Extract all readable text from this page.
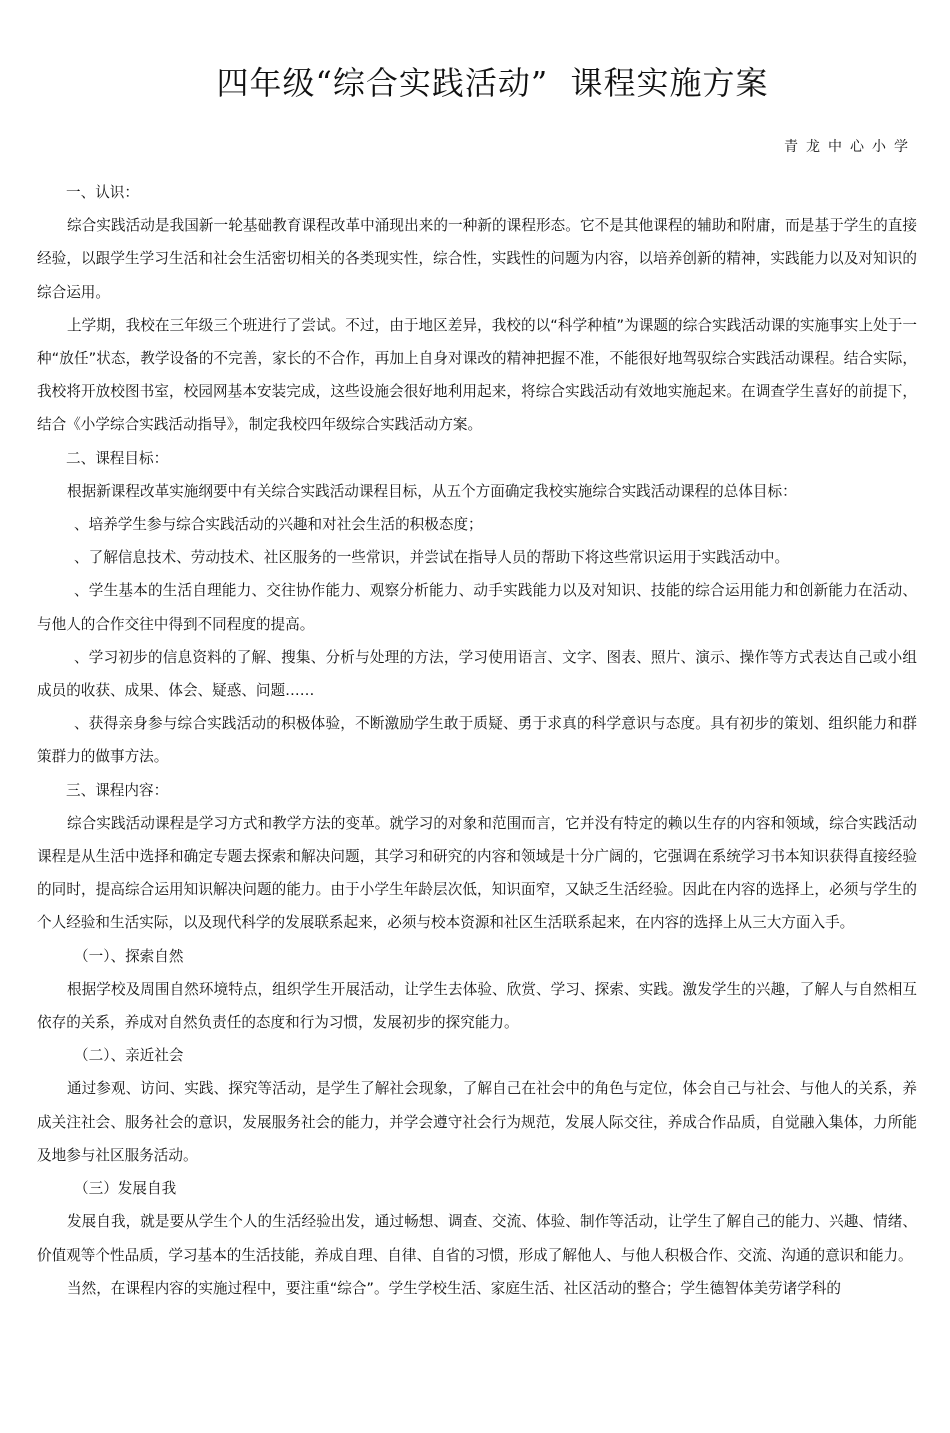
四年级“综合实践活动”  课程实施方案
青龙中心小学

一、认识：

综合实践活动是我国新一轮基础教育课程改革中涌现出来的一种新的课程形态。它不是其他课程的辅助和附庸，而是基于学生的直接经验，以跟学生学习生活和社会生活密切相关的各类现实性，综合性，实践性的问题为内容，以培养创新的精神，实践能力以及对知识的综合运用。

上学期，我校在三年级三个班进行了尝试。不过，由于地区差异，我校的以“科学种植”为课题的综合实践活动课的实施事实上处于一种“放任”状态，教学设备的不完善，家长的不合作，再加上自身对课改的精神把握不准，不能很好地驾驭综合实践活动课程。结合实际，我校将开放校图书室，校园网基本安装完成，这些设施会很好地利用起来，将综合实践活动有效地实施起来。在调查学生喜好的前提下，结合《小学综合实践活动指导》，制定我校四年级综合实践活动方案。

二、课程目标：

根据新课程改革实施纲要中有关综合实践活动课程目标，从五个方面确定我校实施综合实践活动课程的总体目标：

、培养学生参与综合实践活动的兴趣和对社会生活的积极态度；

、了解信息技术、劳动技术、社区服务的一些常识，并尝试在指导人员的帮助下将这些常识运用于实践活动中。

、学生基本的生活自理能力、交往协作能力、观察分析能力、动手实践能力以及对知识、技能的综合运用能力和创新能力在活动、与他人的合作交往中得到不同程度的提高。

、学习初步的信息资料的了解、搜集、分析与处理的方法，学习使用语言、文字、图表、照片、演示、操作等方式表达自己或小组成员的收获、成果、体会、疑惑、问题……

、获得亲身参与综合实践活动的积极体验，不断激励学生敢于质疑、勇于求真的科学意识与态度。具有初步的策划、组织能力和群策群力的做事方法。

三、课程内容：

综合实践活动课程是学习方式和教学方法的变革。就学习的对象和范围而言，它并没有特定的赖以生存的内容和领域，综合实践活动课程是从生活中选择和确定专题去探索和解决问题，其学习和研究的内容和领域是十分广阔的，它强调在系统学习书本知识获得直接经验的同时，提高综合运用知识解决问题的能力。由于小学生年龄层次低，知识面窄，又缺乏生活经验。因此在内容的选择上，必须与学生的个人经验和生活实际，以及现代科学的发展联系起来，必须与校本资源和社区生活联系起来，在内容的选择上从三大方面入手。

（一）、探索自然

根据学校及周围自然环境特点，组织学生开展活动，让学生去体验、欣赏、学习、探索、实践。激发学生的兴趣，了解人与自然相互依存的关系，养成对自然负责任的态度和行为习惯，发展初步的探究能力。

（二）、亲近社会

通过参观、访问、实践、探究等活动，是学生了解社会现象，了解自己在社会中的角色与定位，体会自己与社会、与他人的关系，养成关注社会、服务社会的意识，发展服务社会的能力，并学会遵守社会行为规范，发展人际交往，养成合作品质，自觉融入集体，力所能及地参与社区服务活动。

（三）发展自我

发展自我，就是要从学生个人的生活经验出发，通过畅想、调查、交流、体验、制作等活动，让学生了解自己的能力、兴趣、情绪、价值观等个性品质，学习基本的生活技能，养成自理、自律、自省的习惯，形成了解他人、与他人积极合作、交流、沟通的意识和能力。

当然，在课程内容的实施过程中，要注重“综合”。学生学校生活、家庭生活、社区活动的整合；学生德智体美劳诸学科的
